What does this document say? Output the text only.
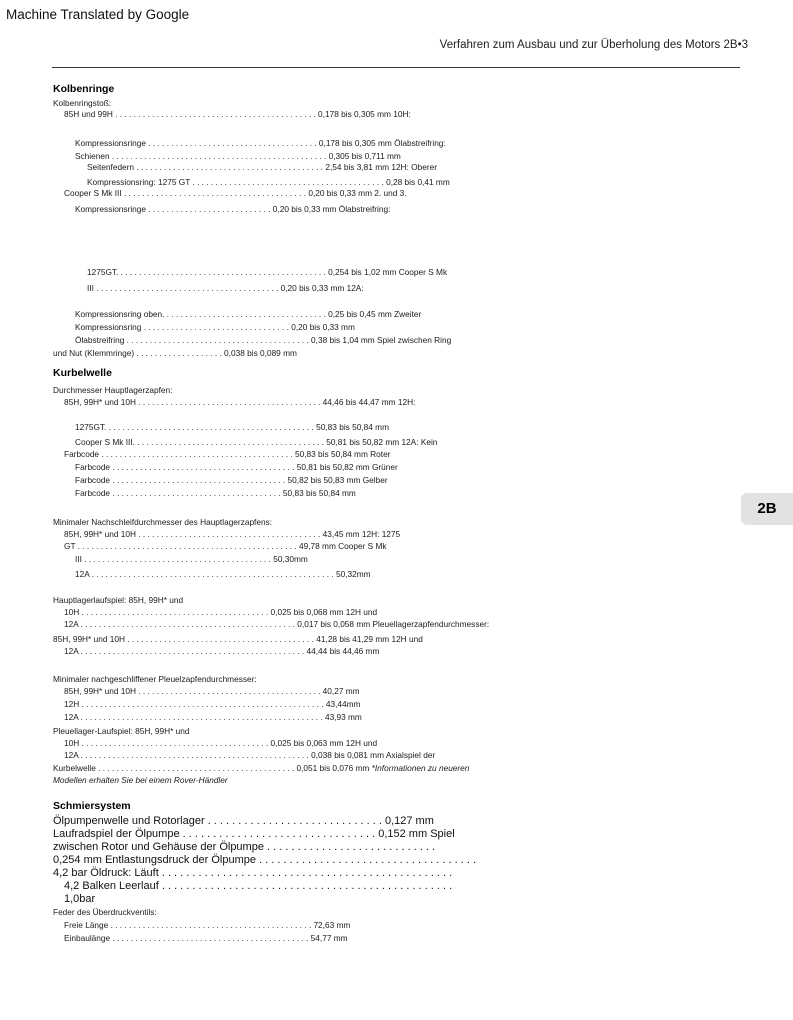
Machine Translated by Google
Verfahren zum Ausbau und zur Überholung des Motors 2B•3
2B
Kolbenringe
Kolbenringstoß:
85H und 99H . . . . . . . . . . . . . . . . . . . . . . . . . . . . . . . . . . . . . . . . . . . . 0,178 bis 0,305 mm 10H:
Kompressionsringe . . . . . . . . . . . . . . . . . . . . . . . . . . . . . . . . . . . . . 0,178 bis 0,305 mm Ölabstreifring:
Schienen . . . . . . . . . . . . . . . . . . . . . . . . . . . . . . . . . . . . . . . . . . . . . . . 0,305 bis 0,711 mm
Seitenfedern . . . . . . . . . . . . . . . . . . . . . . . . . . . . . . . . . . . . . . . . . 2,54 bis 3,81 mm 12H: Oberer
Kompressionsring: 1275 GT . . . . . . . . . . . . . . . . . . . . . . . . . . . . . . . . . . . . . . . . . . 0,28 bis 0,41 mm
Cooper S Mk III . . . . . . . . . . . . . . . . . . . . . . . . . . . . . . . . . . . . . . . . 0,20 bis 0,33 mm 2. und 3.
Kompressionsringe . . . . . . . . . . . . . . . . . . . . . . . . . . . 0,20 bis 0,33 mm Ölabstreifring:
1275GT. . . . . . . . . . . . . . . . . . . . . . . . . . . . . . . . . . . . . . . . . . . . . . 0,254 bis 1,02 mm Cooper S Mk
III . . . . . . . . . . . . . . . . . . . . . . . . . . . . . . . . . . . . . . . . 0,20 bis 0,33 mm 12A:
Kompressionsring oben. . . . . . . . . . . . . . . . . . . . . . . . . . . . . . . . . . . . 0,25 bis 0,45 mm Zweiter
Kompressionsring . . . . . . . . . . . . . . . . . . . . . . . . . . . . . . . . 0,20 bis 0,33 mm
Ölabstreifring . . . . . . . . . . . . . . . . . . . . . . . . . . . . . . . . . . . . . . . . 0,38 bis 1,04 mm Spiel zwischen Ring
und Nut (Klemmringe) . . . . . . . . . . . . . . . . . . . 0,038 bis 0,089 mm
Kurbelwelle
Durchmesser Hauptlagerzapfen:
85H, 99H* und 10H . . . . . . . . . . . . . . . . . . . . . . . . . . . . . . . . . . . . . . . . 44,46 bis 44,47 mm 12H:
1275GT. . . . . . . . . . . . . . . . . . . . . . . . . . . . . . . . . . . . . . . . . . . . . . 50,83 bis 50,84 mm
Cooper S Mk III. . . . . . . . . . . . . . . . . . . . . . . . . . . . . . . . . . . . . . . . . . 50,81 bis 50,82 mm 12A: Kein
Farbcode . . . . . . . . . . . . . . . . . . . . . . . . . . . . . . . . . . . . . . . . . . 50,83 bis 50,84 mm Roter
Farbcode . . . . . . . . . . . . . . . . . . . . . . . . . . . . . . . . . . . . . . . . 50,81 bis 50,82 mm Grüner
Farbcode . . . . . . . . . . . . . . . . . . . . . . . . . . . . . . . . . . . . . . 50,82 bis 50,83 mm Gelber
Farbcode . . . . . . . . . . . . . . . . . . . . . . . . . . . . . . . . . . . . . 50,83 bis 50,84 mm
Minimaler Nachschleifdurchmesser des Hauptlagerzapfens:
85H, 99H* und 10H . . . . . . . . . . . . . . . . . . . . . . . . . . . . . . . . . . . . . . . . 43,45 mm 12H: 1275
GT . . . . . . . . . . . . . . . . . . . . . . . . . . . . . . . . . . . . . . . . . . . . . . . . 49,78 mm Cooper S Mk
III . . . . . . . . . . . . . . . . . . . . . . . . . . . . . . . . . . . . . . . . . 50,30mm
12A . . . . . . . . . . . . . . . . . . . . . . . . . . . . . . . . . . . . . . . . . . . . . . . . . . . . . 50,32mm
Hauptlagerlaufspiel: 85H, 99H* und
10H . . . . . . . . . . . . . . . . . . . . . . . . . . . . . . . . . . . . . . . . . 0,025 bis 0,068 mm 12H und
12A . . . . . . . . . . . . . . . . . . . . . . . . . . . . . . . . . . . . . . . . . . . . . . . 0,017 bis 0,058 mm Pleuellagerzapfendurchmesser:
85H, 99H* und 10H . . . . . . . . . . . . . . . . . . . . . . . . . . . . . . . . . . . . . . . . . 41,28 bis 41,29 mm 12H und
12A . . . . . . . . . . . . . . . . . . . . . . . . . . . . . . . . . . . . . . . . . . . . . . . . . 44,44 bis 44,46 mm
Minimaler nachgeschliffener Pleuelzapfendurchmesser:
85H, 99H* und 10H . . . . . . . . . . . . . . . . . . . . . . . . . . . . . . . . . . . . . . . . 40,27 mm
12H . . . . . . . . . . . . . . . . . . . . . . . . . . . . . . . . . . . . . . . . . . . . . . . . . . . . . 43,44mm
12A . . . . . . . . . . . . . . . . . . . . . . . . . . . . . . . . . . . . . . . . . . . . . . . . . . . . . 43,93 mm
Pleuellager-Laufspiel: 85H, 99H* und
10H . . . . . . . . . . . . . . . . . . . . . . . . . . . . . . . . . . . . . . . . . 0,025 bis 0,063 mm 12H und
12A . . . . . . . . . . . . . . . . . . . . . . . . . . . . . . . . . . . . . . . . . . . . . . . . . . 0,038 bis 0,081 mm Axialspiel der
Kurbelwelle . . . . . . . . . . . . . . . . . . . . . . . . . . . . . . . . . . . . . . . . . . . 0,051 bis 0,076 mm *Informationen zu neueren
Modellen erhalten Sie bei einem Rover-Händler
Schmiersystem
Ölpumpenwelle und Rotorlager . . . . . . . . . . . . . . . . . . . . . . . . . . . . . 0,127 mm
Laufradspiel der Ölpumpe . . . . . . . . . . . . . . . . . . . . . . . . . . . . . . . . 0,152 mm Spiel
zwischen Rotor und Gehäuse der Ölpumpe . . . . . . . . . . . . . . . . . . . . . . . . . . . .
0,254 mm Entlastungsdruck der Ölpumpe . . . . . . . . . . . . . . . . . . . . . . . . . . . . . . . . . . . .
4,2 bar Öldruck: Läuft . . . . . . . . . . . . . . . . . . . . . . . . . . . . . . . . . . . . . . . . . . . . . . . .
4,2 Balken Leerlauf . . . . . . . . . . . . . . . . . . . . . . . . . . . . . . . . . . . . . . . . . . . . . . . .
1,0bar
Feder des Überdruckventils:
Freie Länge . . . . . . . . . . . . . . . . . . . . . . . . . . . . . . . . . . . . . . . . . . . . 72,63 mm
Einbaulänge . . . . . . . . . . . . . . . . . . . . . . . . . . . . . . . . . . . . . . . . . . . 54,77 mm
